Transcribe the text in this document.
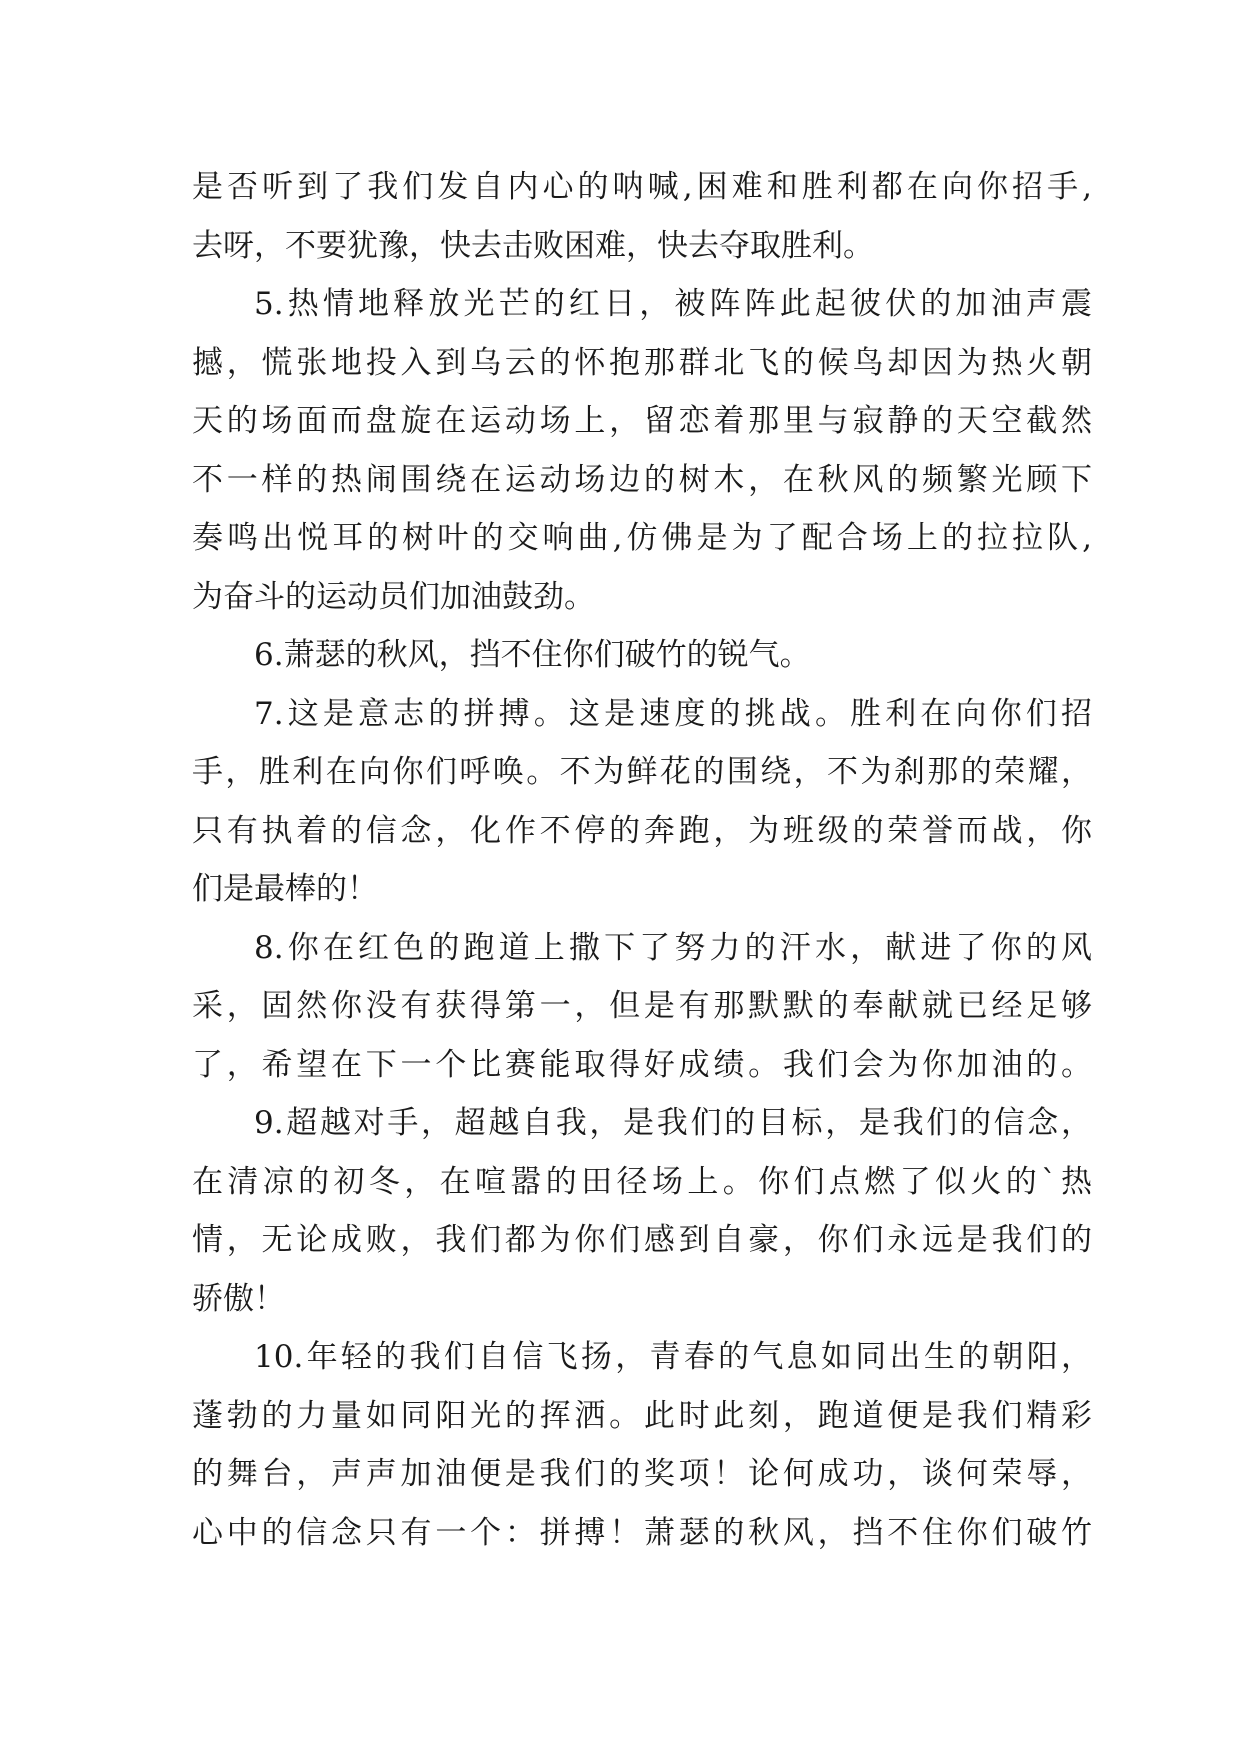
是否听到了我们发自内心的呐喊,困难和胜利都在向你招手,
去呀，不要犹豫，快去击败困难，快去夺取胜利。
5.热情地释放光芒的红日，被阵阵此起彼伏的加油声震
撼，慌张地投入到乌云的怀抱那群北飞的候鸟却因为热火朝
天的场面而盘旋在运动场上，留恋着那里与寂静的天空截然
不一样的热闹围绕在运动场边的树木，在秋风的频繁光顾下
奏鸣出悦耳的树叶的交响曲,仿佛是为了配合场上的拉拉队,
为奋斗的运动员们加油鼓劲。
6.萧瑟的秋风，挡不住你们破竹的锐气。
7.这是意志的拼搏。这是速度的挑战。胜利在向你们招
手，胜利在向你们呼唤。不为鲜花的围绕，不为刹那的荣耀，
只有执着的信念，化作不停的奔跑，为班级的荣誉而战，你
们是最棒的！
8.你在红色的跑道上撒下了努力的汗水，献进了你的风
采，固然你没有获得第一，但是有那默默的奉献就已经足够
了，希望在下一个比赛能取得好成绩。我们会为你加油的。
9.超越对手，超越自我，是我们的目标，是我们的信念，
在清凉的初冬，在喧嚣的田径场上。你们点燃了似火的`热
情，无论成败，我们都为你们感到自豪，你们永远是我们的
骄傲！
10.年轻的我们自信飞扬，青春的气息如同出生的朝阳，
蓬勃的力量如同阳光的挥洒。此时此刻，跑道便是我们精彩
的舞台，声声加油便是我们的奖项！论何成功，谈何荣辱，
心中的信念只有一个：拼搏！萧瑟的秋风，挡不住你们破竹
